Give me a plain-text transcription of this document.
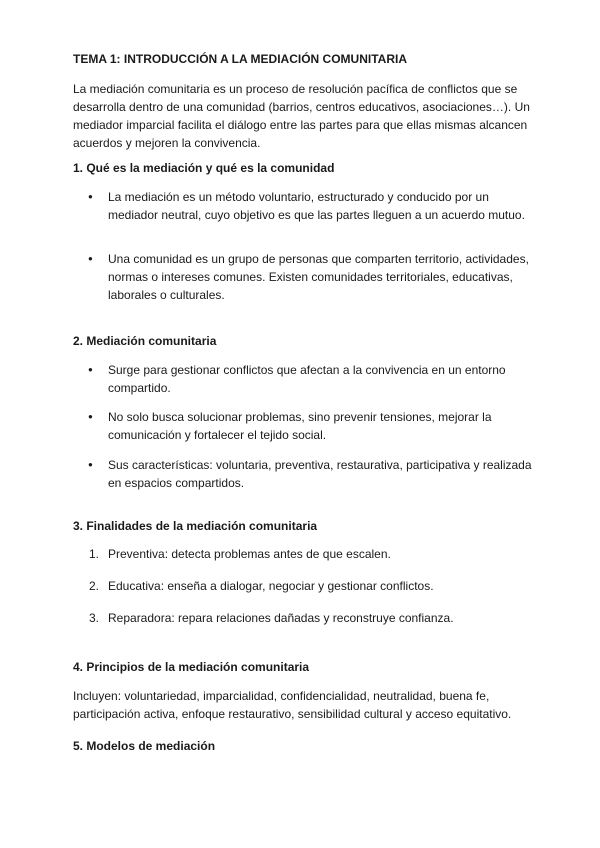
TEMA 1: INTRODUCCIÓN A LA MEDIACIÓN COMUNITARIA

La mediación comunitaria es un proceso de resolución pacífica de conflictos que se desarrolla dentro de una comunidad (barrios, centros educativos, asociaciones…). Un mediador imparcial facilita el diálogo entre las partes para que ellas mismas alcancen acuerdos y mejoren la convivencia.

1. Qué es la mediación y qué es la comunidad

● La mediación es un método voluntario, estructurado y conducido por un mediador neutral, cuyo objetivo es que las partes lleguen a un acuerdo mutuo.

● Una comunidad es un grupo de personas que comparten territorio, actividades, normas o intereses comunes. Existen comunidades territoriales, educativas, laborales o culturales.

2. Mediación comunitaria

● Surge para gestionar conflictos que afectan a la convivencia en un entorno compartido.

● No solo busca solucionar problemas, sino prevenir tensiones, mejorar la comunicación y fortalecer el tejido social.

● Sus características: voluntaria, preventiva, restaurativa, participativa y realizada en espacios compartidos.

3. Finalidades de la mediación comunitaria
1. Preventiva: detecta problemas antes de que escalen.
2. Educativa: enseña a dialogar, negociar y gestionar conflictos.
3. Reparadora: repara relaciones dañadas y reconstruye confianza.
4. Principios de la mediación comunitaria

Incluyen: voluntariedad, imparcialidad, confidencialidad, neutralidad, buena fe, participación activa, enfoque restaurativo, sensibilidad cultural y acceso equitativo.

5. Modelos de mediación
